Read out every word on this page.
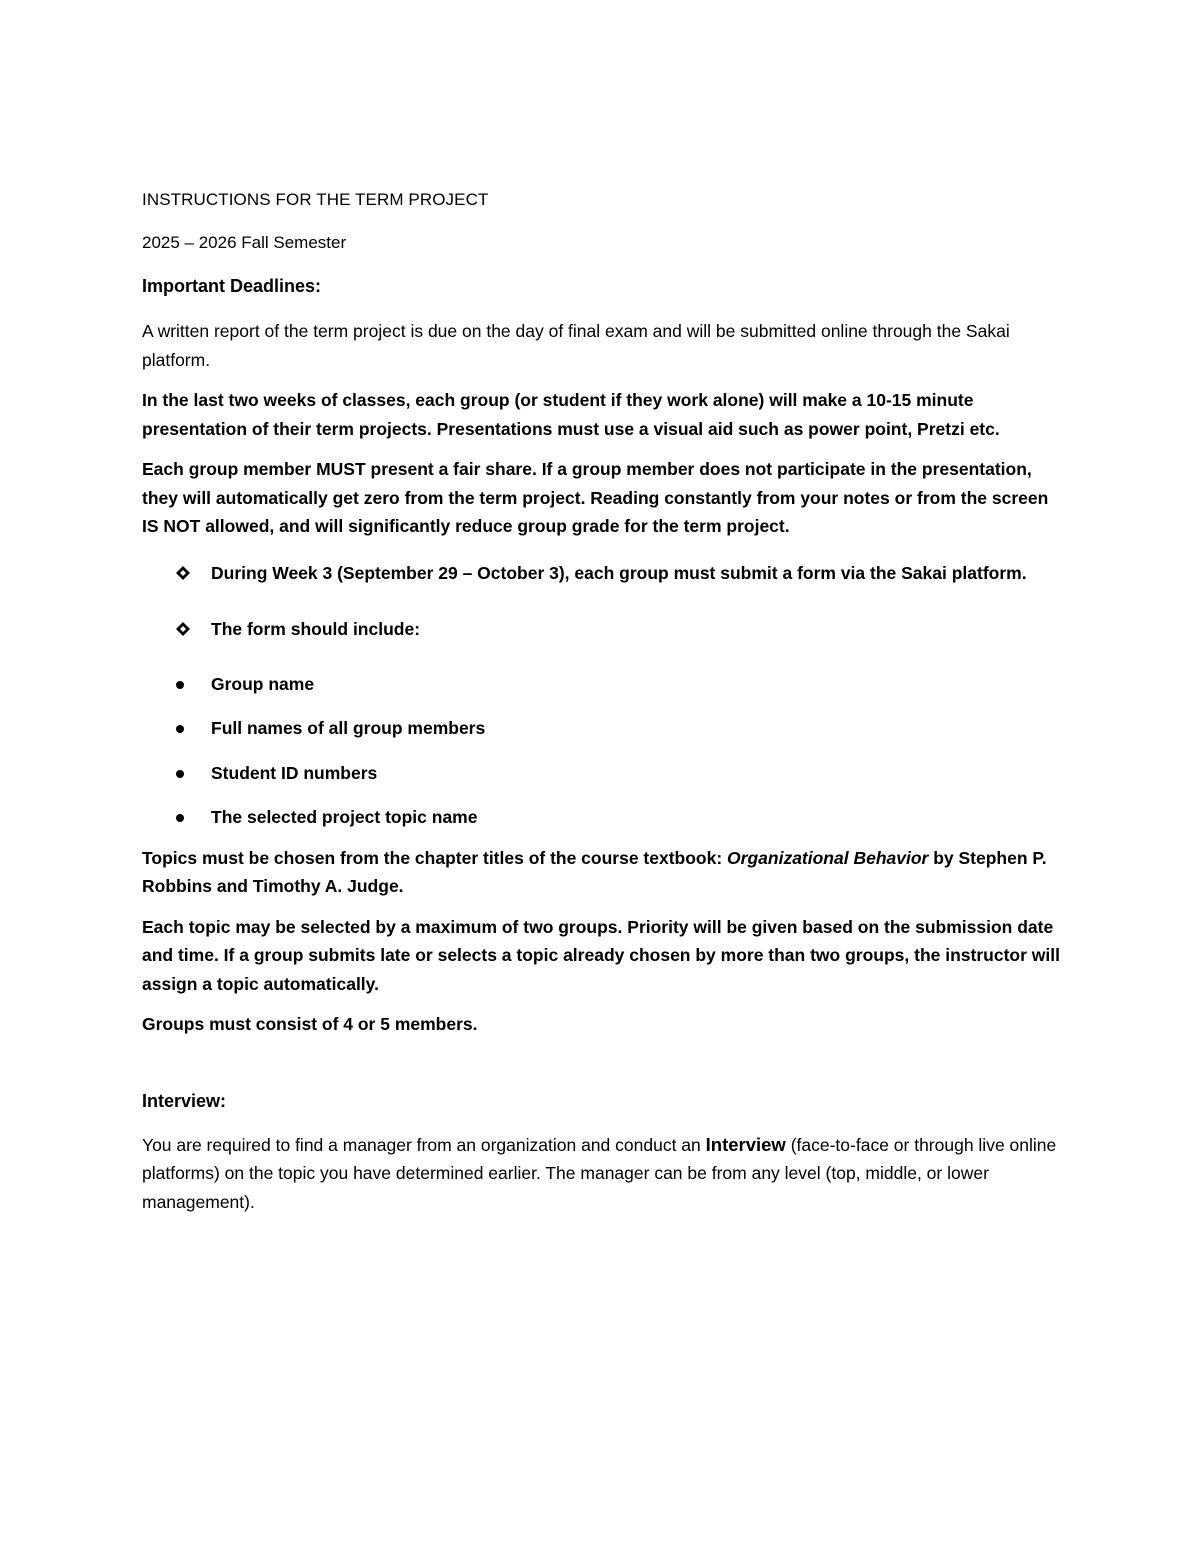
INSTRUCTIONS FOR THE TERM PROJECT

2025 – 2026 Fall Semester

Important Deadlines:

A written report of the term project is due on the day of final exam and will be submitted online through the Sakai platform.

In the last two weeks of classes, each group (or student if they work alone) will make a 10-15 minute presentation of their term projects. Presentations must use a visual aid such as power point, Pretzi etc.

Each group member MUST present a fair share. If a group member does not participate in the presentation, they will automatically get zero from the term project. Reading constantly from your notes or from the screen IS NOT allowed, and will significantly reduce group grade for the term project.

During Week 3 (September 29 – October 3), each group must submit a form via the Sakai platform.
The form should include:
Group name
Full names of all group members
Student ID numbers
The selected project topic name

Topics must be chosen from the chapter titles of the course textbook: Organizational Behavior by Stephen P. Robbins and Timothy A. Judge.

Each topic may be selected by a maximum of two groups. Priority will be given based on the submission date and time. If a group submits late or selects a topic already chosen by more than two groups, the instructor will assign a topic automatically.

Groups must consist of 4 or 5 members.

Interview:

You are required to find a manager from an organization and conduct an Interview (face-to-face or through live online platforms) on the topic you have determined earlier. The manager can be from any level (top, middle, or lower management).
